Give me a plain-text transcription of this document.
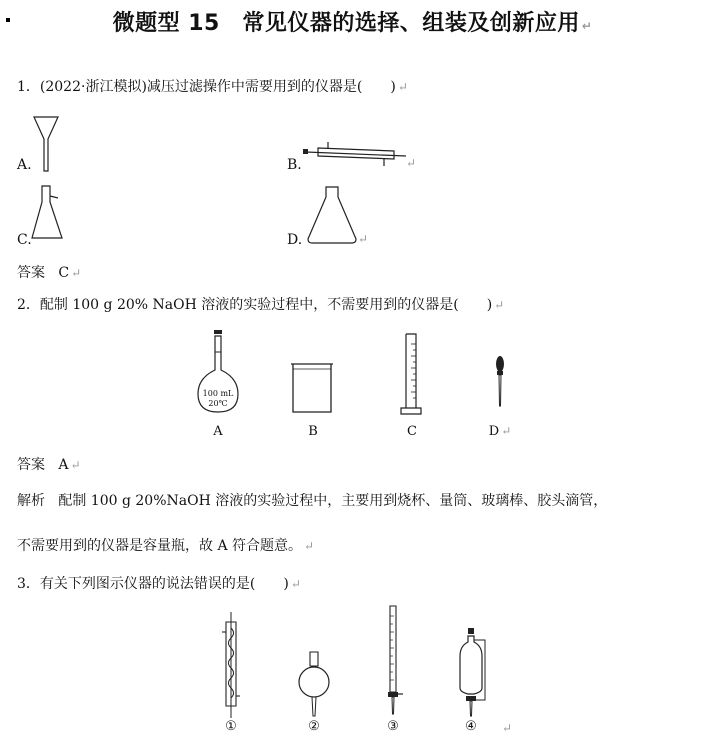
微题型 15　常见仪器的选择、组装及创新应用 ↵
1．(2022·浙江模拟)减压过滤操作中需要用到的仪器是(　　) ↵
A.	B.	↵
C.	D.	↵
答案 C ↵
2．配制 100 g 20% NaOH 溶液的实验过程中，不需要用到的仪器是(　　) ↵
100 mL
20℃
A	B	C	D ↵
答案 A ↵
解析 配制 100 g 20%NaOH 溶液的实验过程中，主要用到烧杯、量筒、玻璃棒、胶头滴管，
不需要用到的仪器是容量瓶，故 A 符合题意。 ↵
3．有关下列图示仪器的说法错误的是(　　) ↵
①	②	③	④	↵
